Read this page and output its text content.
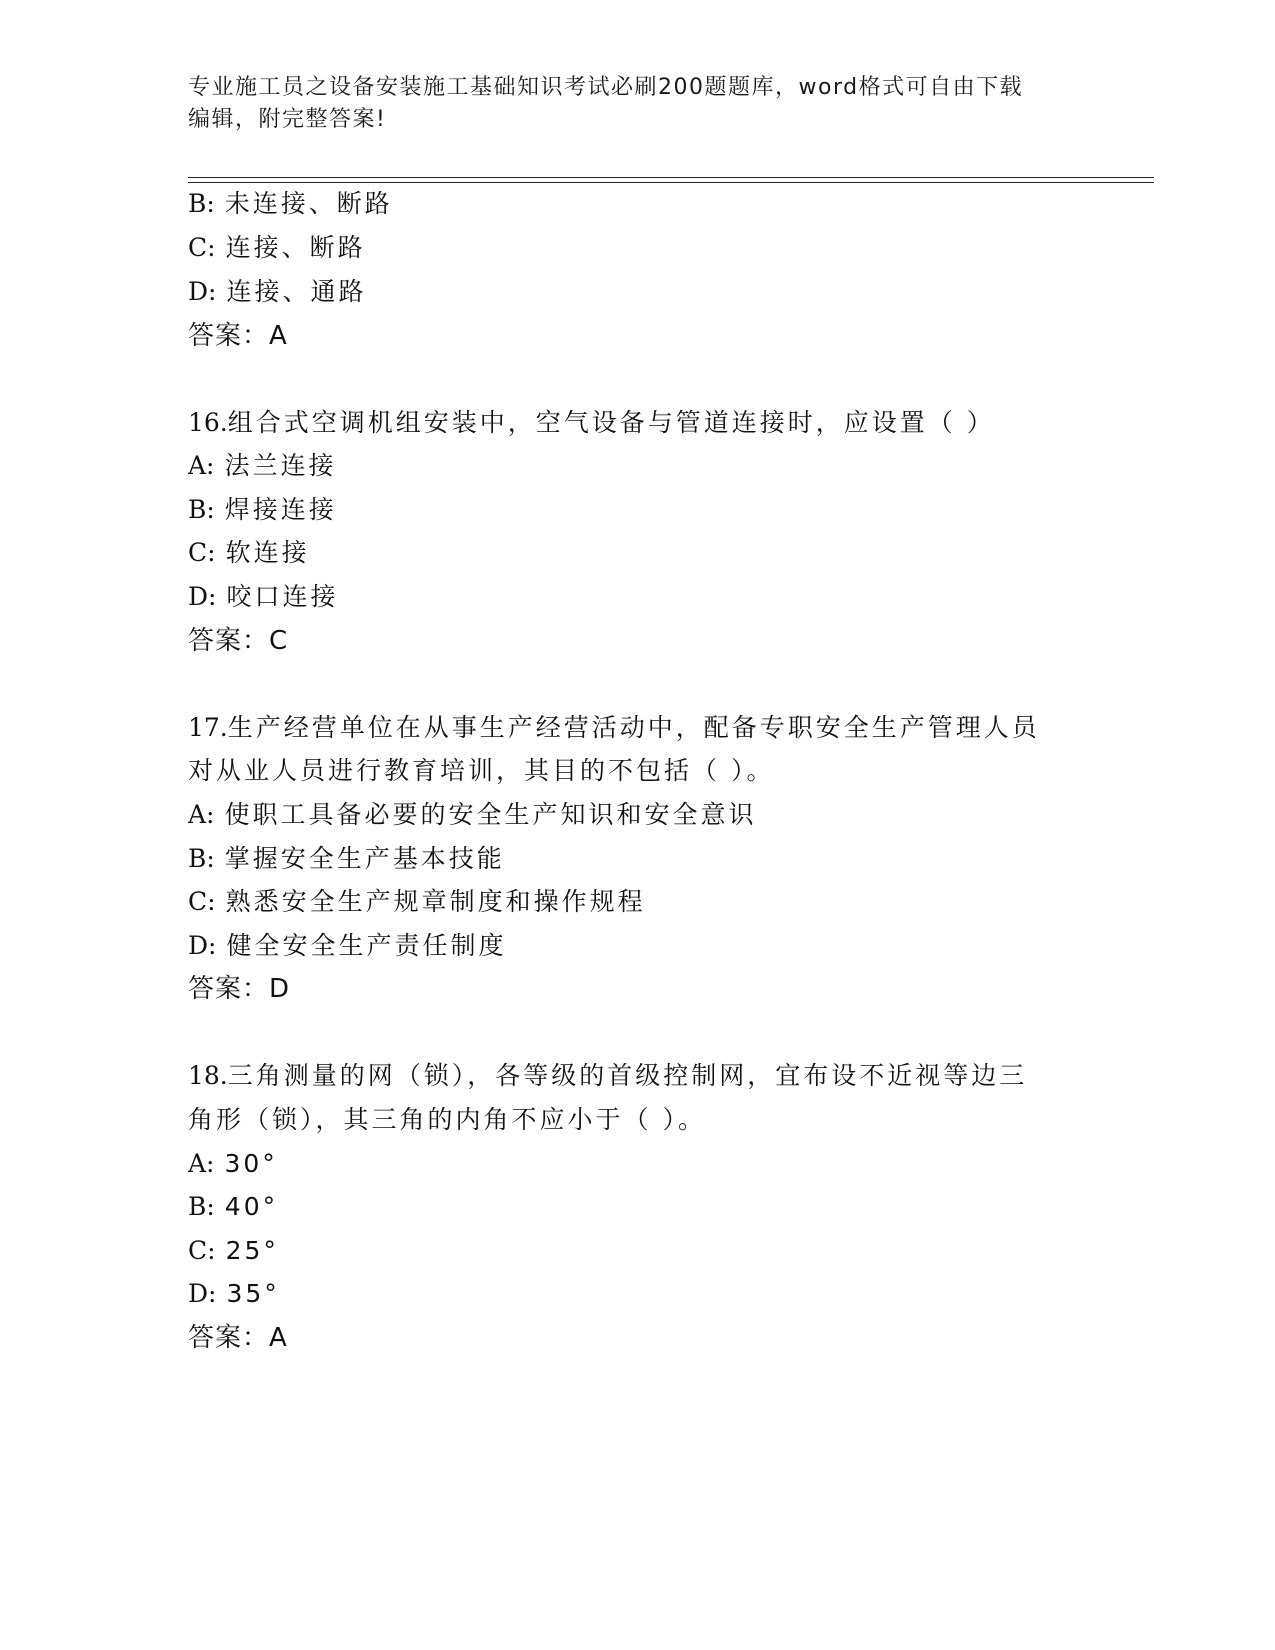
专业施工员之设备安装施工基础知识考试必刷200题题库，word格式可自由下载
编辑，附完整答案!
B: 未连接、断路
C: 连接、断路
D: 连接、通路
答案：A
16.组合式空调机组安装中，空气设备与管道连接时，应设置（ ）
A: 法兰连接
B: 焊接连接
C: 软连接
D: 咬口连接
答案：C
17.生产经营单位在从事生产经营活动中，配备专职安全生产管理人员
对从业人员进行教育培训，其目的不包括（ ）。
A: 使职工具备必要的安全生产知识和安全意识
B: 掌握安全生产基本技能
C: 熟悉安全生产规章制度和操作规程
D: 健全安全生产责任制度
答案：D
18.三角测量的网（锁），各等级的首级控制网，宜布设不近视等边三
角形（锁），其三角的内角不应小于（ ）。
A: 30°
B: 40°
C: 25°
D: 35°
答案：A
